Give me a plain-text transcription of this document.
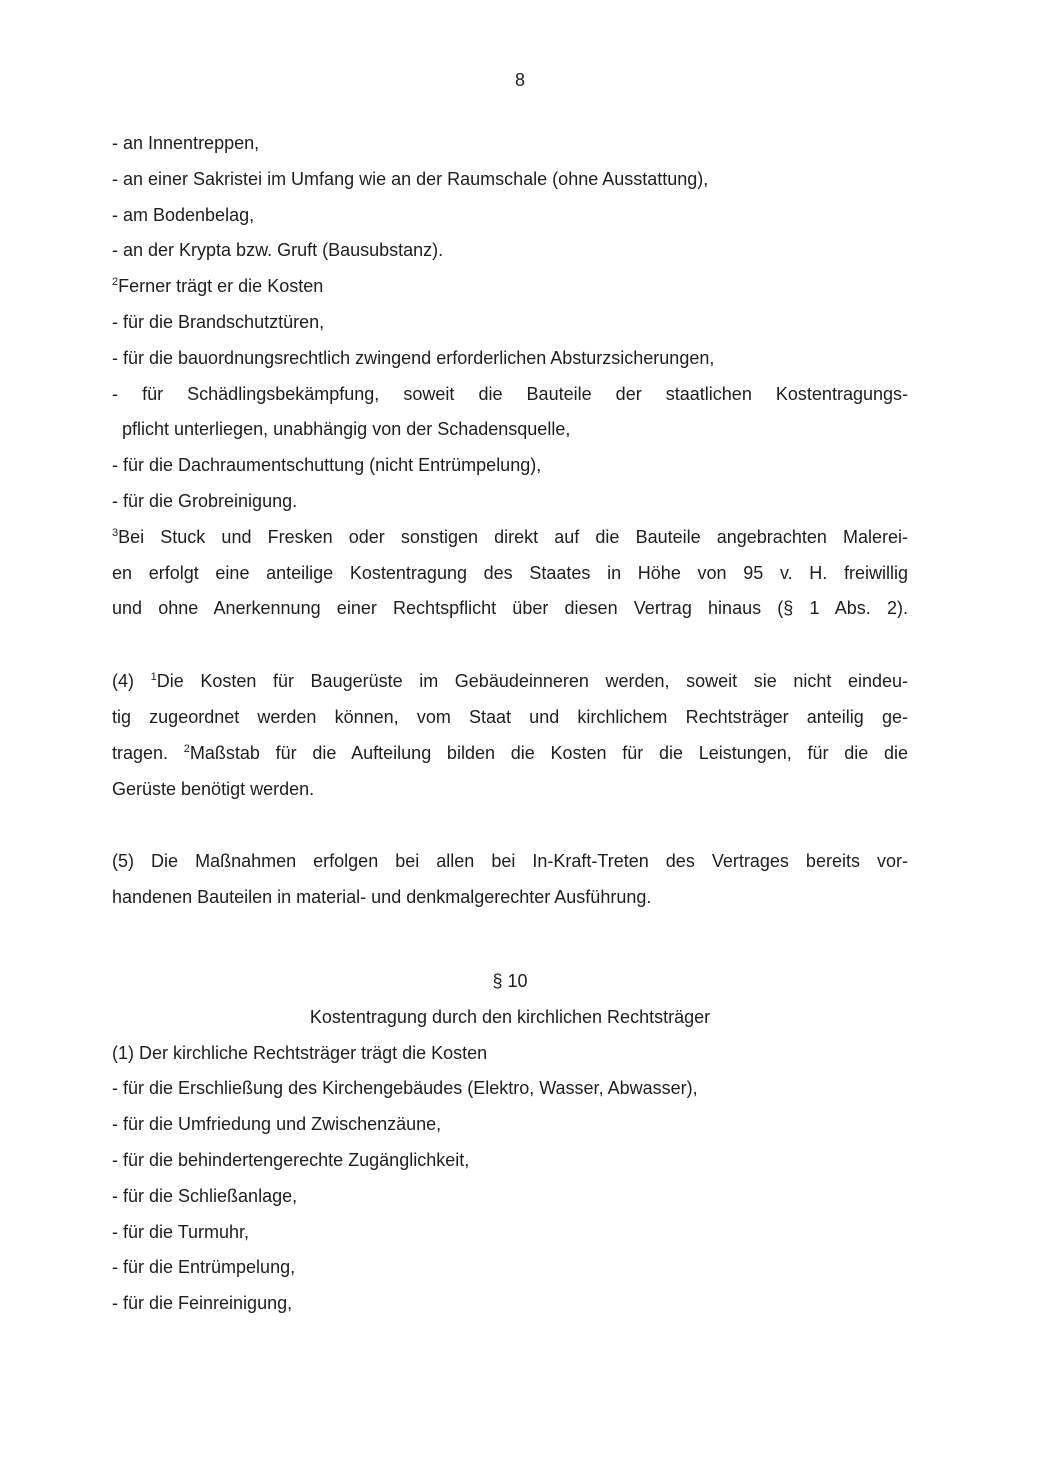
8
- an Innentreppen,
- an einer Sakristei im Umfang wie an der Raumschale (ohne Ausstattung),
- am Bodenbelag,
- an der Krypta bzw. Gruft (Bausubstanz).
$^2$Ferner trägt er die Kosten
- für die Brandschutztüren,
- für die bauordnungsrechtlich zwingend erforderlichen Absturzsicherungen,
- für Schädlingsbekämpfung, soweit die Bauteile der staatlichen Kostentragungs-
pflicht unterliegen, unabhängig von der Schadensquelle,
- für die Dachraumentschuttung (nicht Entrümpelung),
- für die Grobreinigung.
$^3$Bei Stuck und Fresken oder sonstigen direkt auf die Bauteile angebrachten Malerei-
en erfolgt eine anteilige Kostentragung des Staates in Höhe von 95 v. H. freiwillig
und ohne Anerkennung einer Rechtspflicht über diesen Vertrag hinaus (§ 1 Abs. 2).
(4) $^1$Die Kosten für Baugerüste im Gebäudeinneren werden, soweit sie nicht eindeu-
tig zugeordnet werden können, vom Staat und kirchlichem Rechtsträger anteilig ge-
tragen. $^2$Maßstab für die Aufteilung bilden die Kosten für die Leistungen, für die die
Gerüste benötigt werden.
(5) Die Maßnahmen erfolgen bei allen bei In-Kraft-Treten des Vertrages bereits vor-
handenen Bauteilen in material- und denkmalgerechter Ausführung.
§ 10
Kostentragung durch den kirchlichen Rechtsträger
(1) Der kirchliche Rechtsträger trägt die Kosten
- für die Erschließung des Kirchengebäudes (Elektro, Wasser, Abwasser),
- für die Umfriedung und Zwischenzäune,
- für die behindertengerechte Zugänglichkeit,
- für die Schließanlage,
- für die Turmuhr,
- für die Entrümpelung,
- für die Feinreinigung,
